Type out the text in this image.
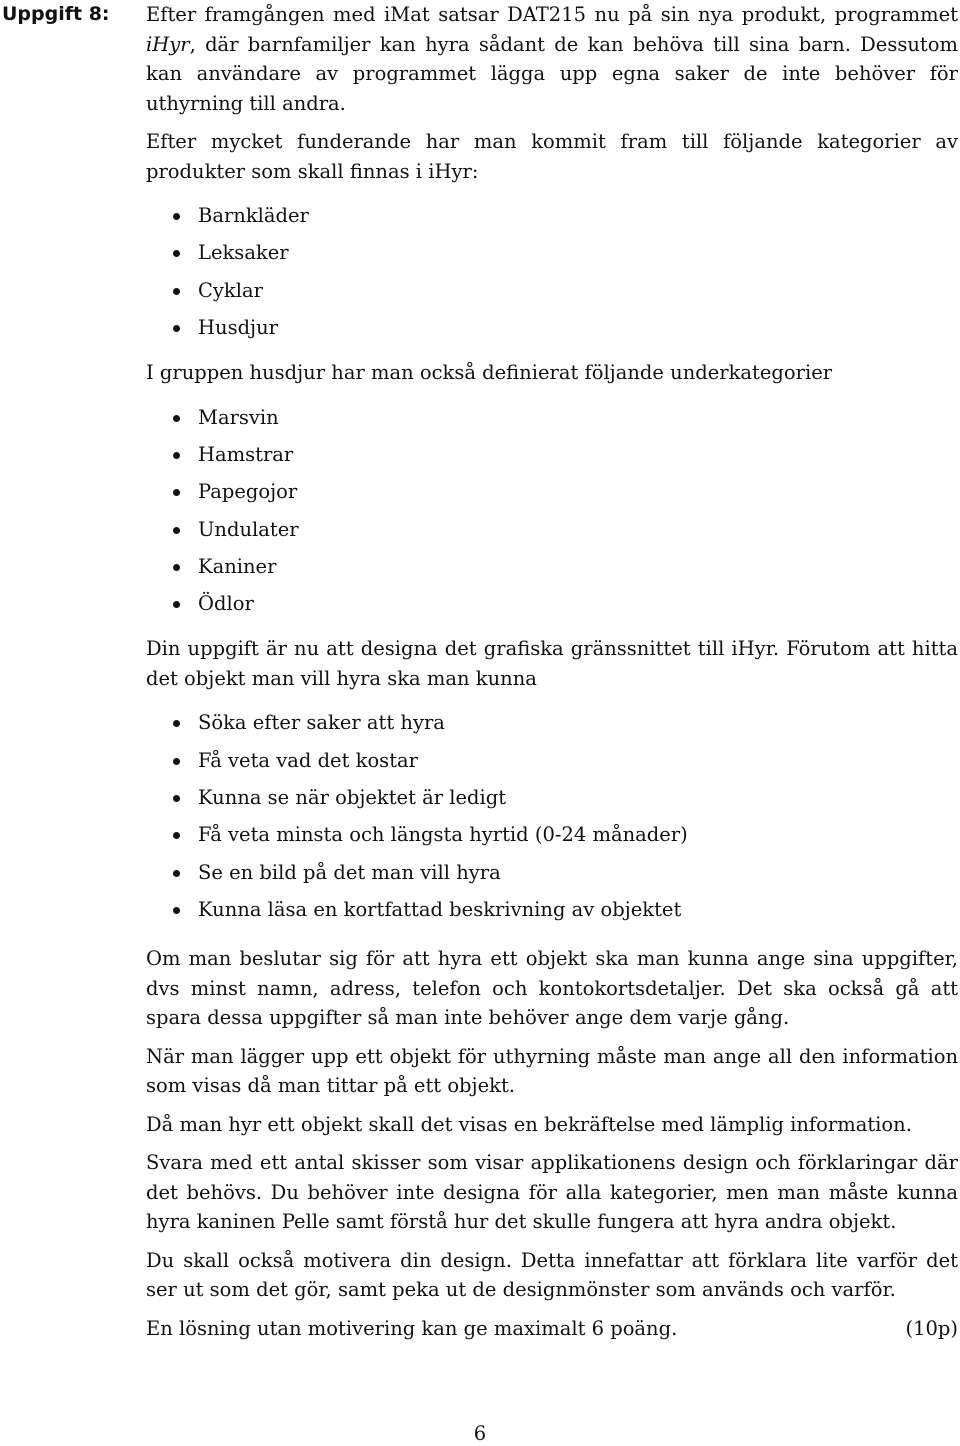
Uppgift 8: Efter framgången med iMat satsar DAT215 nu på sin nya produkt, programmet iHyr, där barnfamiljer kan hyra sådant de kan behöva till sina barn. Dessutom kan användare av programmet lägga upp egna saker de inte behöver för uthyrning till andra.

Efter mycket funderande har man kommit fram till följande kategorier av produkter som skall finnas i iHyr:

Barnkläder
Leksaker
Cyklar
Husdjur

I gruppen husdjur har man också definierat följande underkategorier

Marsvin
Hamstrar
Papegojor
Undulater
Kaniner
Ödlor

Din uppgift är nu att designa det grafiska gränssnittet till iHyr. Förutom att hitta det objekt man vill hyra ska man kunna

Söka efter saker att hyra
Få veta vad det kostar
Kunna se när objektet är ledigt
Få veta minsta och längsta hyrtid (0-24 månader)
Se en bild på det man vill hyra
Kunna läsa en kortfattad beskrivning av objektet

Om man beslutar sig för att hyra ett objekt ska man kunna ange sina uppgifter, dvs minst namn, adress, telefon och kontokortsdetaljer. Det ska också gå att spara dessa uppgifter så man inte behöver ange dem varje gång.

När man lägger upp ett objekt för uthyrning måste man ange all den information som visas då man tittar på ett objekt.

Då man hyr ett objekt skall det visas en bekräftelse med lämplig information.

Svara med ett antal skisser som visar applikationens design och förklaringar där det behövs. Du behöver inte designa för alla kategorier, men man måste kunna hyra kaninen Pelle samt förstå hur det skulle fungera att hyra andra objekt.

Du skall också motivera din design. Detta innefattar att förklara lite varför det ser ut som det gör, samt peka ut de designmönster som används och varför.

En lösning utan motivering kan ge maximalt 6 poäng.	(10p)
6
